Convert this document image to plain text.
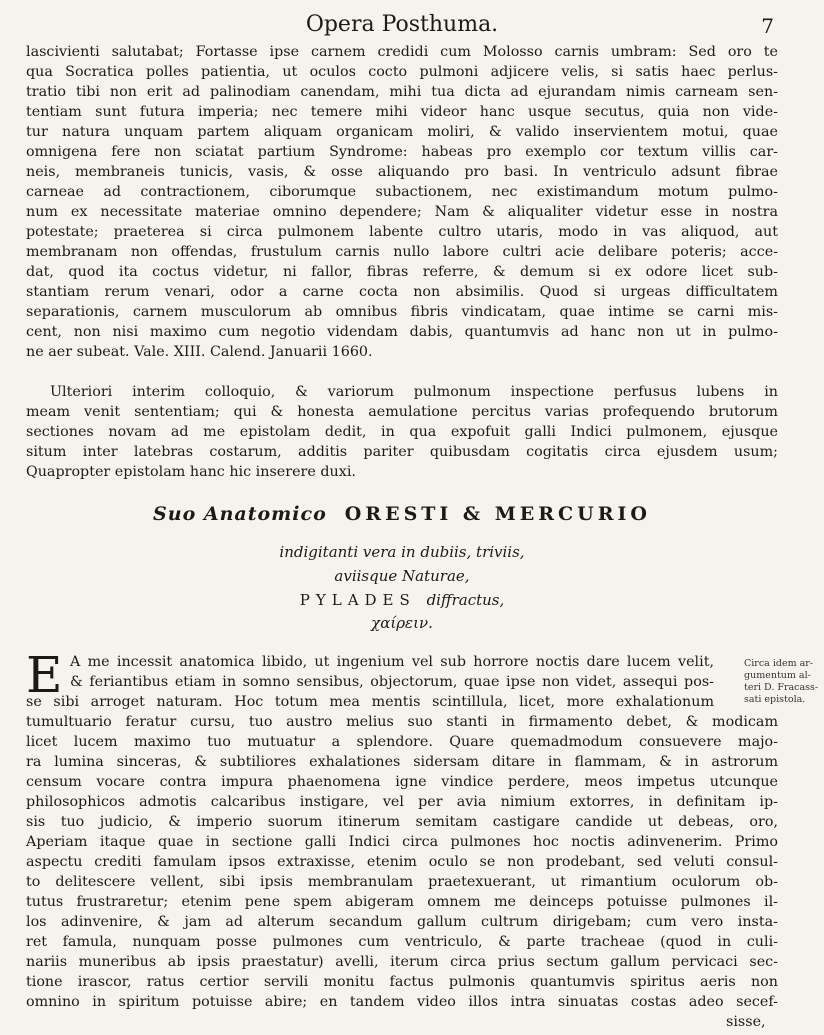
Opera Posthuma.	7
lascivienti salutabat; Fortasse ipse carnem credidi cum Molosso carnis umbram: Sed oro te
qua Socratica polles patientia, ut oculos cocto pulmoni adjicere velis, si satis haec perlus-
tratio tibi non erit ad palinodiam canendam, mihi tua dicta ad ejurandam nimis carneam sen-
tentiam sunt futura imperia; nec temere mihi videor hanc usque secutus, quia non vide-
tur natura unquam partem aliquam organicam moliri, & valido inservientem motui, quae
omnigena fere non sciatat partium Syndrome: habeas pro exemplo cor textum villis car-
neis, membraneis tunicis, vasis, & osse aliquando pro basi. In ventriculo adsunt fibrae
carneae ad contractionem, ciborumque subactionem, nec existimandum motum pulmo-
num ex necessitate materiae omnino dependere; Nam & aliqualiter videtur esse in nostra
potestate; praeterea si circa pulmonem labente cultro utaris, modo in vas aliquod, aut
membranam non offendas, frustulum carnis nullo labore cultri acie delibare poteris; acce-
dat, quod ita coctus videtur, ni fallor, fibras referre, & demum si ex odore licet sub-
stantiam rerum venari, odor a carne cocta non absimilis. Quod si urgeas difficultatem
separationis, carnem musculorum ab omnibus fibris vindicatam, quae intime se carni mis-
cent, non nisi maximo cum negotio videndam dabis, quantumvis ad hanc non ut in pulmo-
ne aer subeat. Vale. XIII. Calend. Januarii 1660.
Ulteriori interim colloquio, & variorum pulmonum inspectione perfusus lubens in
meam venit sententiam; qui & honesta aemulatione percitus varias profequendo brutorum
sectiones novam ad me epistolam dedit, in qua expofuit galli Indici pulmonem, ejusque
situm inter latebras costarum, additis pariter quibusdam cogitatis circa ejusdem usum;
Quapropter epistolam hanc hic inserere duxi.
Suo Anatomico ORESTI & MERCURIO
indigitanti vera in dubiis, triviis,
aviisque Naturae,
PYLADES diffractus,
χαίρειν.
E	Circa idem ar-
gumentum al-
teri D. Fracass-
sati epistola.
A me incessit anatomica libido, ut ingenium vel sub horrore noctis dare lucem velit,
& feriantibus etiam in somno sensibus, objectorum, quae ipse non videt, assequi pos-
se sibi arroget naturam. Hoc totum mea mentis scintillula, licet, more exhalationum
tumultuario feratur cursu, tuo austro melius suo stanti in firmamento debet, & modicam
licet lucem maximo tuo mutuatur a splendore. Quare quemadmodum consuevere majo-
ra lumina sinceras, & subtiliores exhalationes sidersam ditare in flammam, & in astrorum
censum vocare contra impura phaenomena igne vindice perdere, meos impetus utcunque
philosophicos admotis calcaribus instigare, vel per avia nimium extorres, in definitam ip-
sis tuo judicio, & imperio suorum itinerum semitam castigare candide ut debeas, oro,
Aperiam itaque quae in sectione galli Indici circa pulmones hoc noctis adinvenerim. Primo
aspectu crediti famulam ipsos extraxisse, etenim oculo se non prodebant, sed veluti consul-
to delitescere vellent, sibi ipsis membranulam praetexuerant, ut rimantium oculorum ob-
tutus frustraretur; etenim pene spem abigeram omnem me deinceps potuisse pulmones il-
los adinvenire, & jam ad alterum secandum gallum cultrum dirigebam; cum vero insta-
ret famula, nunquam posse pulmones cum ventriculo, & parte tracheae (quod in culi-
nariis muneribus ab ipsis praestatur) avelli, iterum circa prius sectum gallum pervicaci sec-
tione irascor, ratus certior servili monitu factus pulmonis quantumvis spiritus aeris non
omnino in spiritum potuisse abire; en tandem video illos intra sinuatas costas adeo secef-
sisse,
